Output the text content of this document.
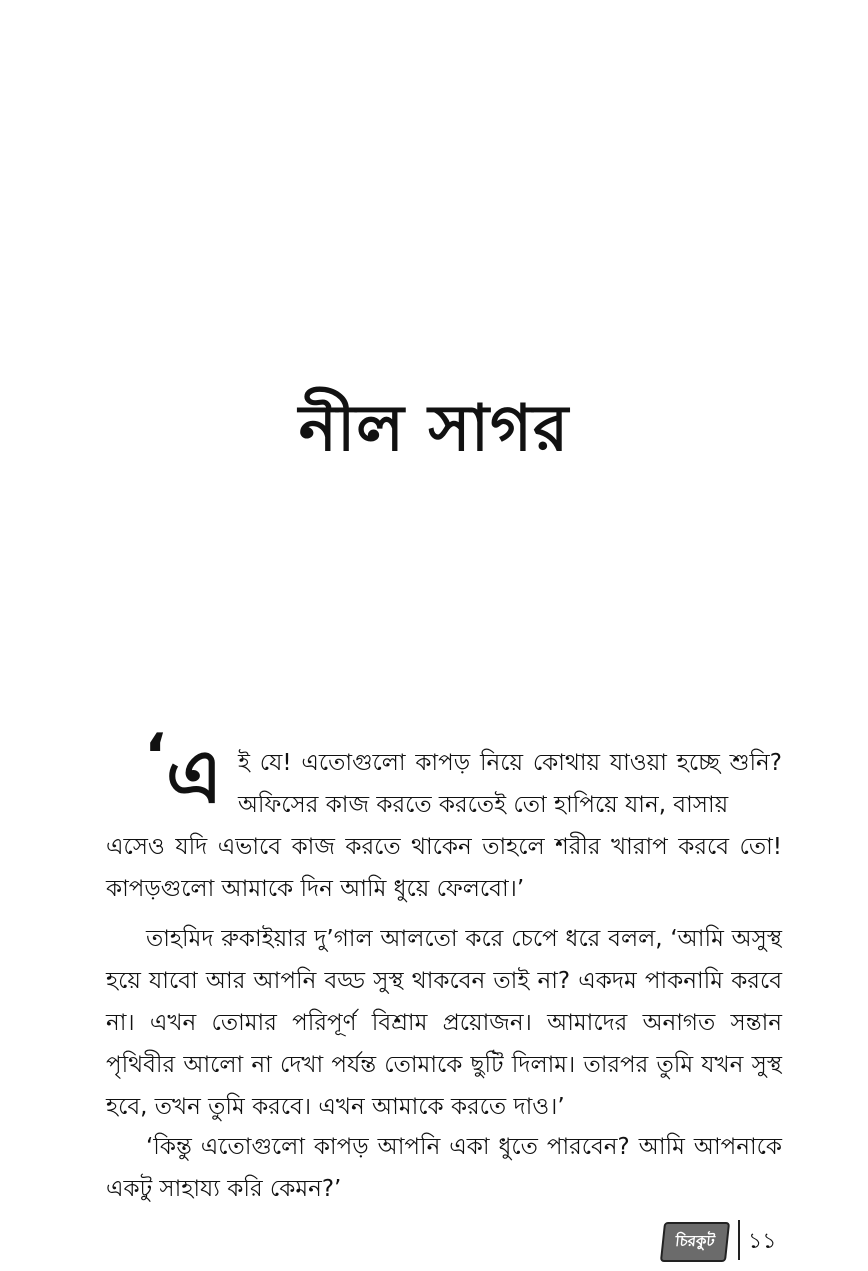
নীল সাগর
‘ এ ই যে! এতোগুলো কাপড় নিয়ে কোথায় যাওয়া হচ্ছে শুনি?
অফিসের কাজ করতে করতেই তো হাপিয়ে যান, বাসায়
এসেও যদি এভাবে কাজ করতে থাকেন তাহলে শরীর খারাপ করবে তো!
কাপড়গুলো আমাকে দিন আমি ধুয়ে ফেলবো।’
তাহমিদ রুকাইয়ার দু’গাল আলতো করে চেপে ধরে বলল, ‘আমি অসুস্থ
হয়ে যাবো আর আপনি বড্ড সুস্থ থাকবেন তাই না? একদম পাকনামি করবে
না। এখন তোমার পরিপূর্ণ বিশ্রাম প্রয়োজন। আমাদের অনাগত সন্তান
পৃথিবীর আলো না দেখা পর্যন্ত তোমাকে ছুটি দিলাম। তারপর তুমি যখন সুস্থ
হবে, তখন তুমি করবে। এখন আমাকে করতে দাও।’
‘কিন্তু এতোগুলো কাপড় আপনি একা ধুতে পারবেন? আমি আপনাকে
একটু সাহায্য করি কেমন?’
চিরকুট ১১
